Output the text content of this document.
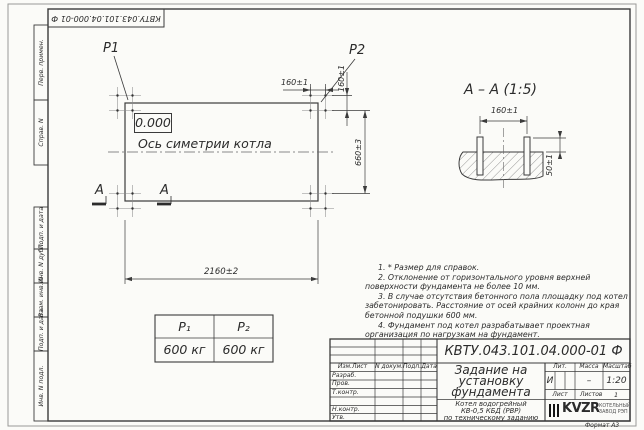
КВТУ.043.101.04.000-01 Ф
Перв. примен.
Справ. N
Подп. и дата
Инв. N дубл.
Взам. инв. N
Подп. и дата
Инв. N подл.
P1	P2
0.000
Ось симетрии котла
160±1	160±1
660±3
2160±2
А	А
А – А (1:5)
160±1
50±1
P₁	P₂
600 кг	600 кг

1. * Размер для справок.

2. Отклонение от горизонтального уровня верхней поверхности фундамента не более 10 мм.

3. В случае отсутствия бетонного пола площадку под котел забетонировать. Расстояние от осей крайних колонн до края бетонной подушки 600 мм.

4. Фундамент под котел разрабатывает проектная организация по нагрузкам на фундамент.

КВТУ.043.101.04.000-01 Ф
Изм.Лист	N докум. Подп. Дата
Разраб.
Пров.
Т.контр.
Н.контр.
Утв.
Задание на
установку
фундамента
Котел водогрейный
КВ-0,5 КБД (РВР)
по техническому заданию
Лит.	Масса Масштаб
И	–	1:20
Лист	Листов 1
KVZR КОТЕЛЬНЫЙ
ЗАВОД РЭП
Формат А3
